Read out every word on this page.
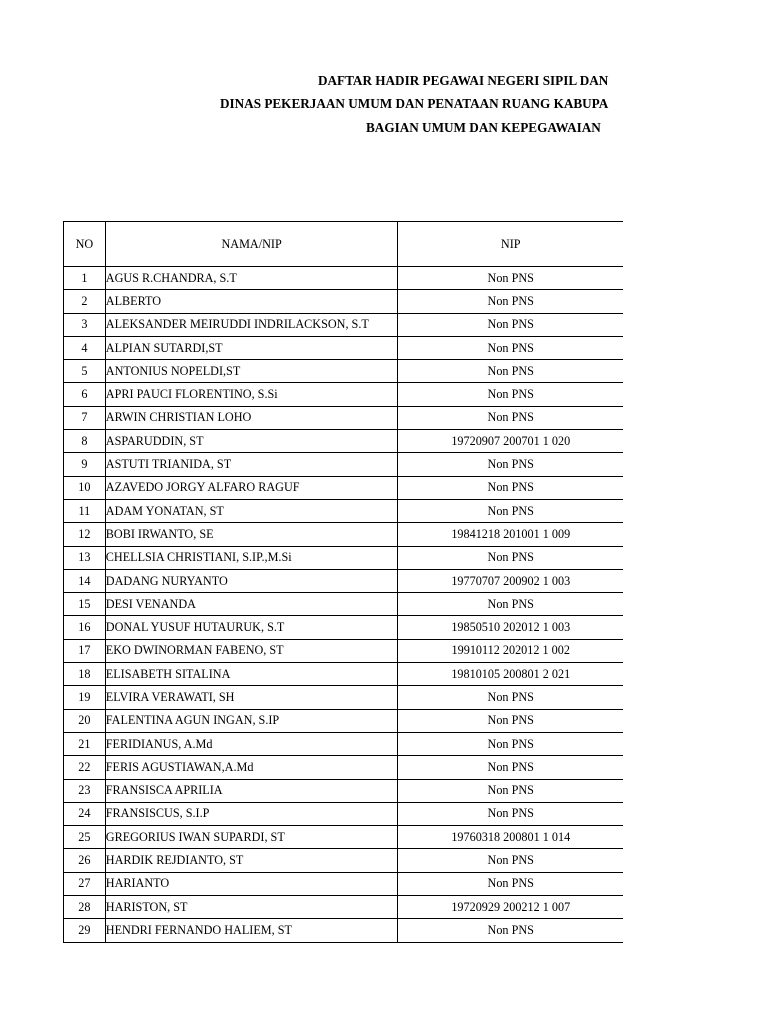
DAFTAR HADIR PEGAWAI NEGERI SIPIL DAN
DINAS PEKERJAAN UMUM DAN PENATAAN RUANG KABUPA
BAGIAN UMUM DAN KEPEGAWAIAN
NO	NAMA/NIP	NIP
1	AGUS R.CHANDRA, S.T	Non PNS
2	ALBERTO	Non PNS
3	ALEKSANDER MEIRUDDI INDRILACKSON, S.T	Non PNS
4	ALPIAN SUTARDI,ST	Non PNS
5	ANTONIUS NOPELDI,ST	Non PNS
6	APRI PAUCI FLORENTINO, S.Si	Non PNS
7	ARWIN CHRISTIAN LOHO	Non PNS
8	ASPARUDDIN, ST	19720907 200701 1 020
9	ASTUTI TRIANIDA, ST	Non PNS
10	AZAVEDO JORGY ALFARO RAGUF	Non PNS
11	ADAM YONATAN, ST	Non PNS
12	BOBI IRWANTO, SE	19841218 201001 1 009
13	CHELLSIA CHRISTIANI, S.IP.,M.Si	Non PNS
14	DADANG NURYANTO	19770707 200902 1 003
15	DESI VENANDA	Non PNS
16	DONAL YUSUF HUTAURUK, S.T	19850510 202012 1 003
17	EKO DWINORMAN FABENO, ST	19910112 202012 1 002
18	ELISABETH SITALINA	19810105 200801 2 021
19	ELVIRA VERAWATI, SH	Non PNS
20	FALENTINA AGUN INGAN, S.IP	Non PNS
21	FERIDIANUS, A.Md	Non PNS
22	FERIS AGUSTIAWAN,A.Md	Non PNS
23	FRANSISCA APRILIA	Non PNS
24	FRANSISCUS, S.I.P	Non PNS
25	GREGORIUS IWAN SUPARDI, ST	19760318 200801 1 014
26	HARDIK REJDIANTO, ST	Non PNS
27	HARIANTO	Non PNS
28	HARISTON, ST	19720929 200212 1 007
29	HENDRI FERNANDO HALIEM, ST	Non PNS
